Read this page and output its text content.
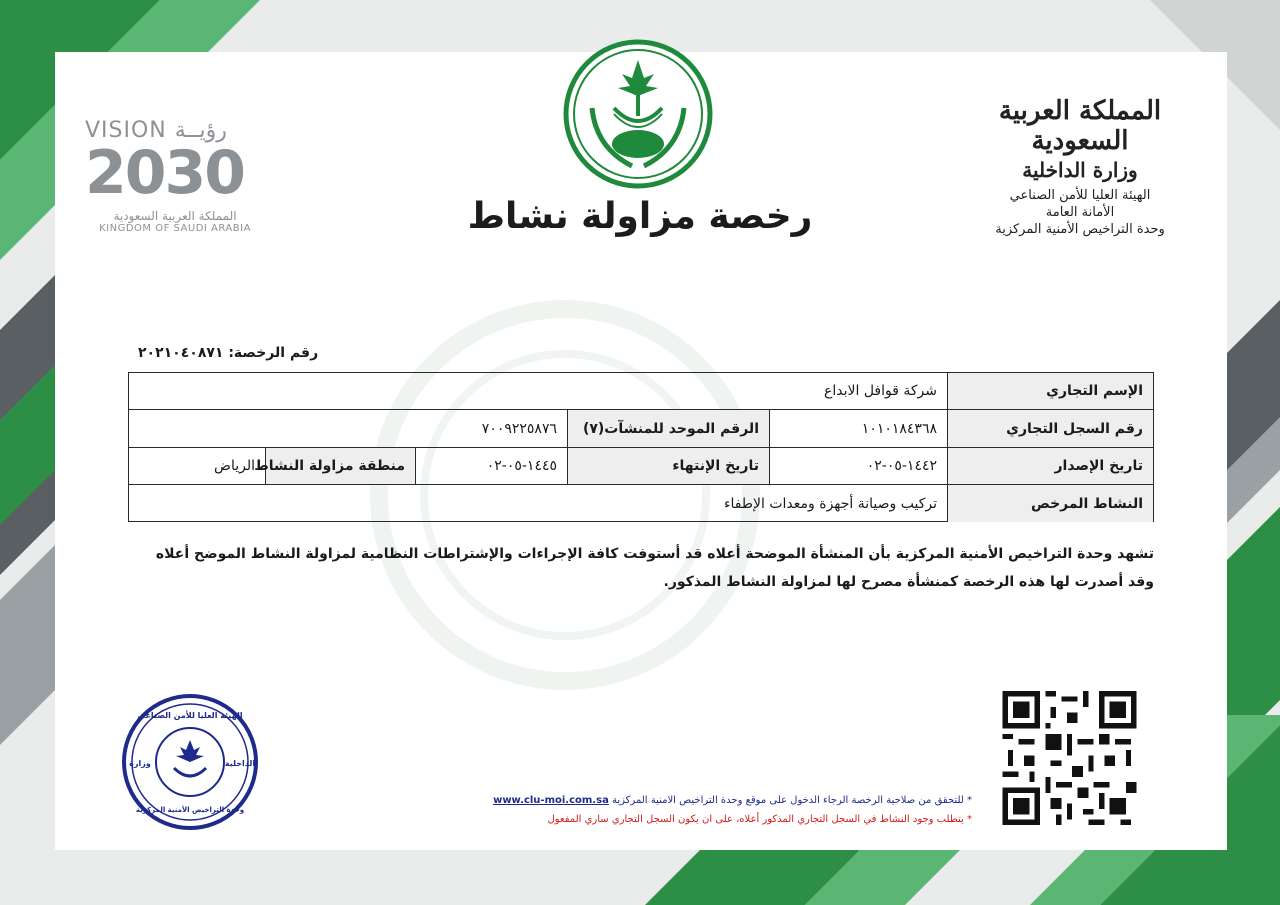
رخصة مزاولة نشاط
المملكة العربية السعودية
وزارة الداخلية
الهيئة العليا للأمن الصناعي
الأمانة العامة
وحدة التراخيص الأمنية المركزية
VISION رؤيــة
2030
المملكة العربية السعودية
KINGDOM OF SAUDI ARABIA
رقم الرخصة: ٢٠٢١٠٤٠٨٧١
الإسم التجاري
شركة قوافل الابداع
رقم السجل التجاري
١٠١٠١٨٤٣٦٨
الرقم الموحد للمنشآت(٧)
٧٠٠٩٢٢٥٨٧٦
تاريخ الإصدار
١٤٤٢-٠٥-٠٢
تاريخ الإنتهاء
١٤٤٥-٠٥-٠٢
منطقة مزاولة النشاط
الرياض
النشاط المرخص
تركيب وصيانة أجهزة ومعدات الإطفاء
تشهد وحدة التراخيص الأمنية المركزية بأن المنشأة الموضحة أعلاه قد أستوفت كافة الإجراءات والإشتراطات النظامية لمزاولة النشاط الموضح أعلاه وقد أصدرت لها هذه الرخصة كمنشأة مصرح لها لمزاولة النشاط المذكور.
* للتحقق من صلاحية الرخصة الرجاء الدخول على موقع وحدة التراخيص الامنية المركزية www.clu-moi.com.sa
* يتطلب وجود النشاط في السجل التجاري المذكور أعلاه، على ان يكون السجل التجاري ساري المفعول
الهيئة العليا للأمن الصناعي
وزارة	الداخلية
وحدة التراخيص الأمنية المركزية
